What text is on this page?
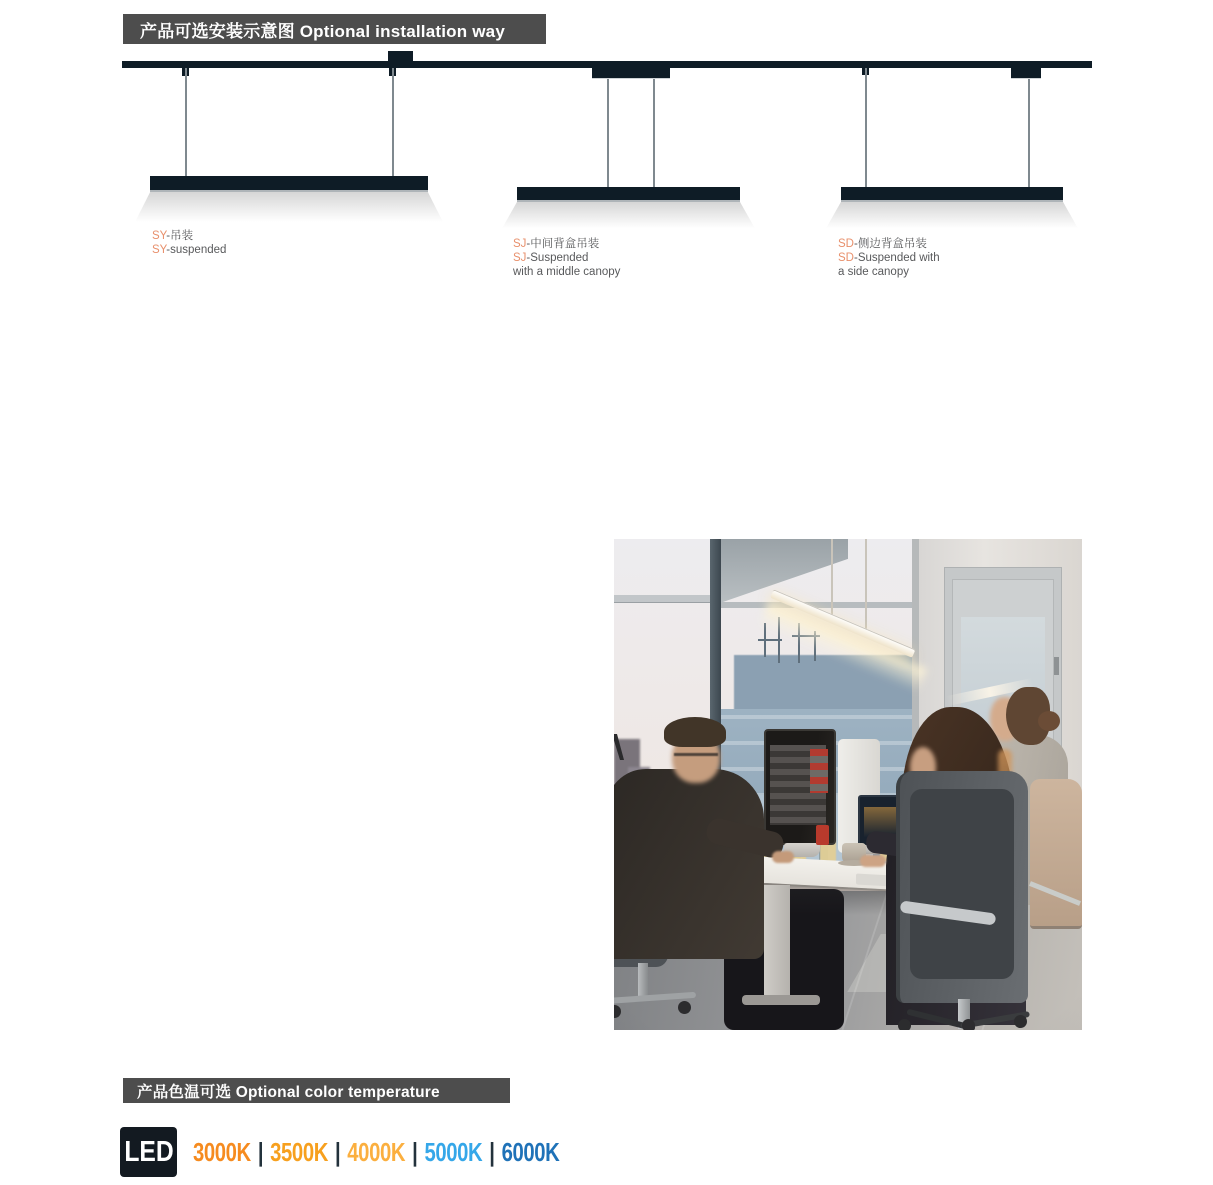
产品可选安装示意图 Optional installation way
SY-吊装
SY-suspended	SJ-中间背盒吊装
SJ-Suspended
with a middle canopy
SD-侧边背盒吊装
SD-Suspended with
a side canopy
产品色温可选 Optional color temperature
LED 3000K | 3500K | 4000K | 5000K | 6000K
